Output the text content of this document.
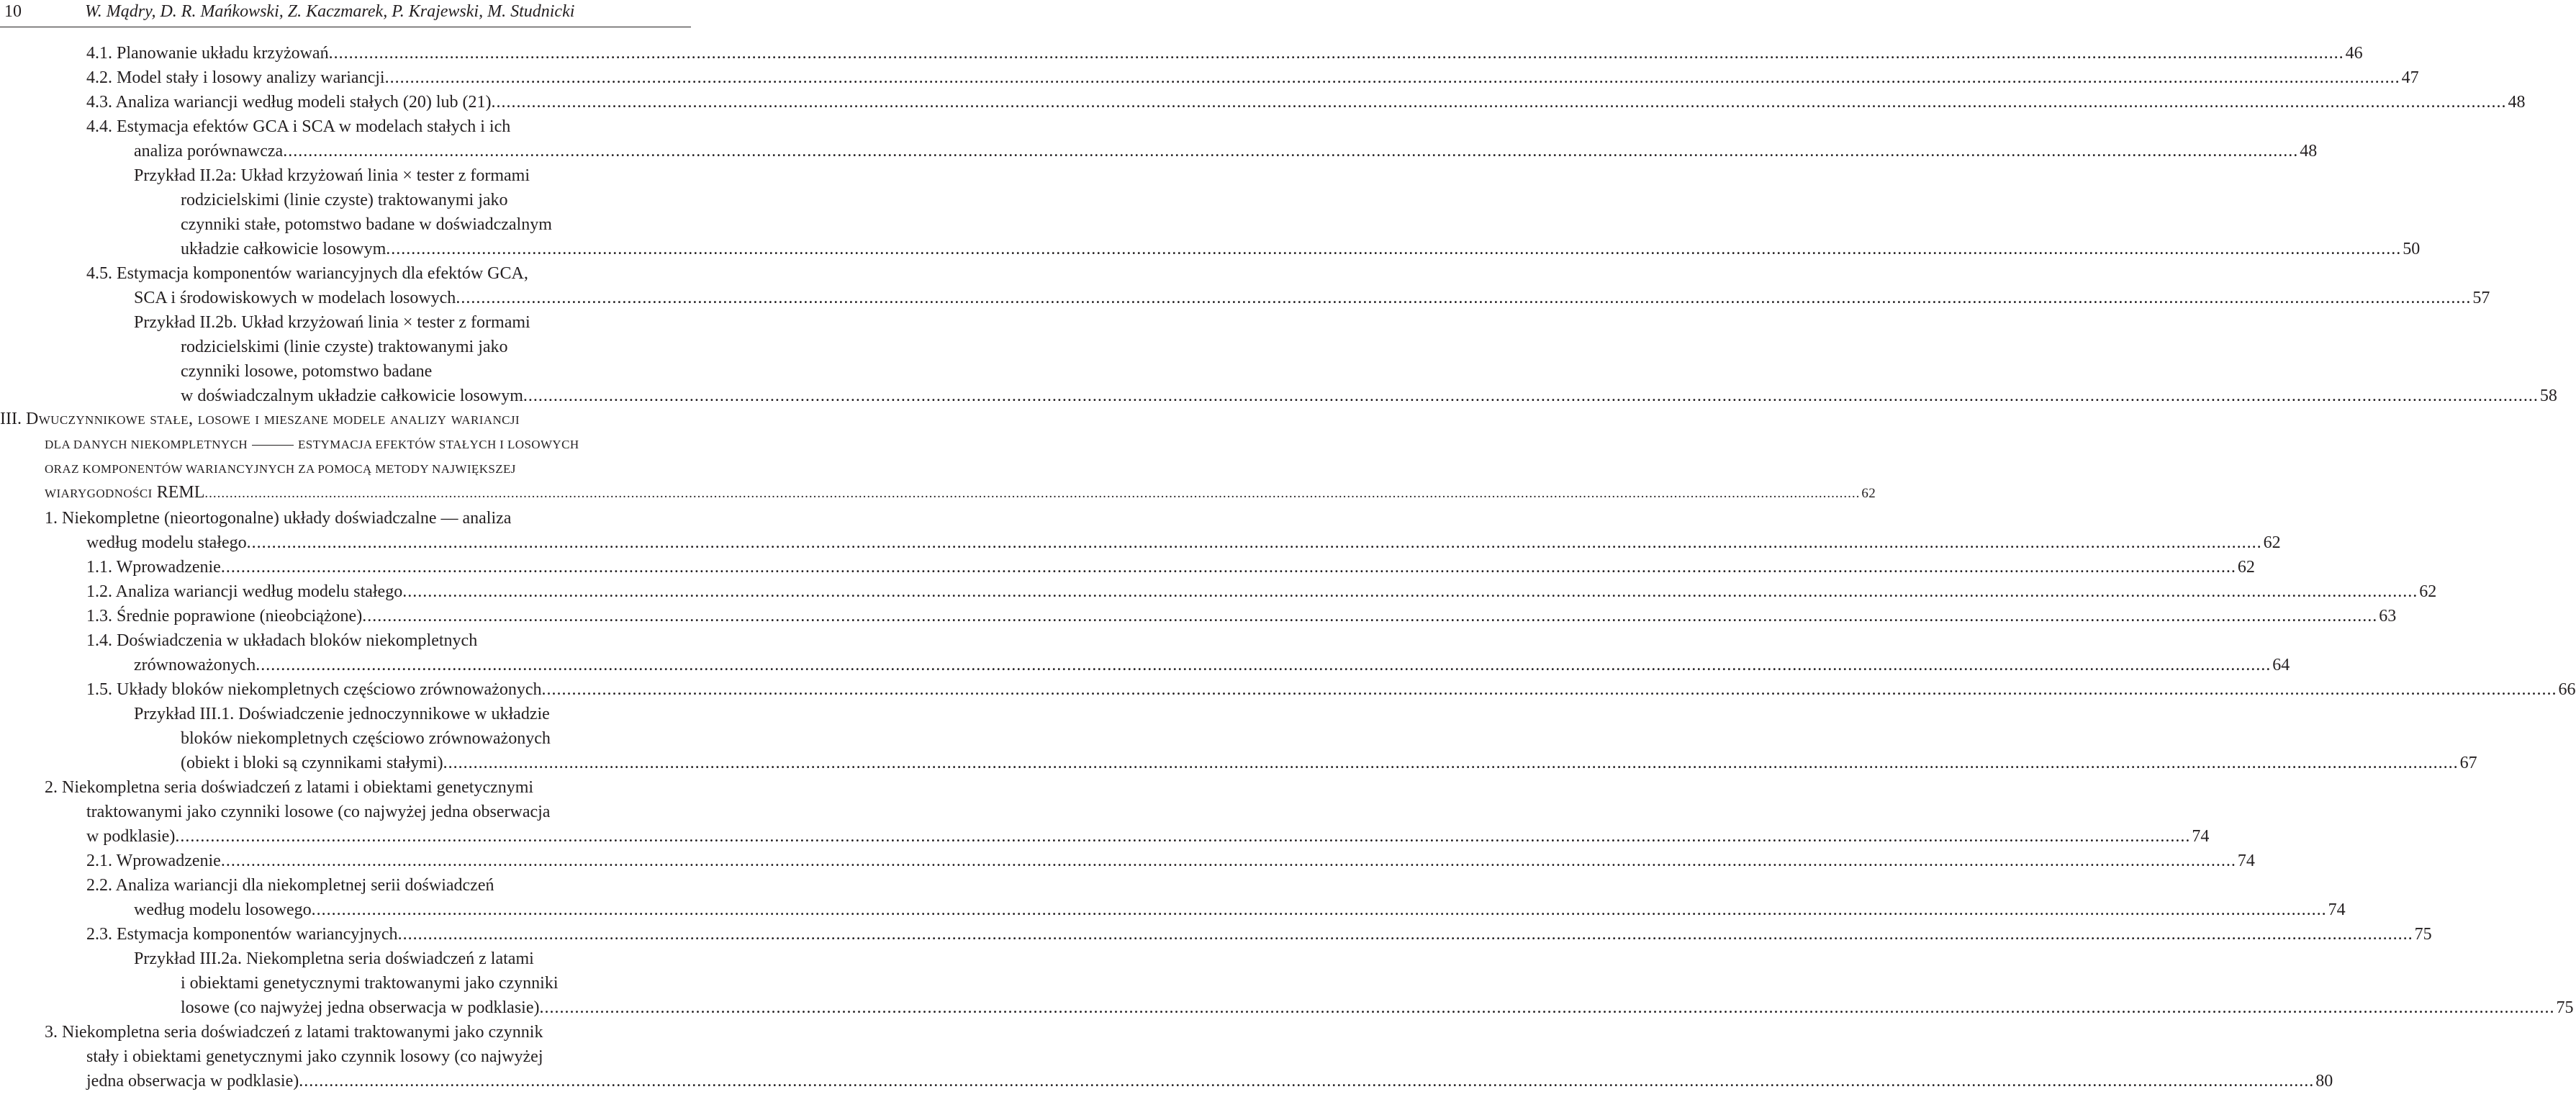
10	W. Mądry, D. R. Mańkowski, Z. Kaczmarek, P. Krajewski, M. Studnicki
4.1. Planowanie układu krzyżowań ................................................................................................................................................................................................................................................................................................................................................................................................................ 46
4.2. Model stały i losowy analizy wariancji ................................................................................................................................................................................................................................................................................................................................................................................................................ 47
4.3. Analiza wariancji według modeli stałych (20) lub (21) ................................................................................................................................................................................................................................................................................................................................................................................................................ 48
4.4. Estymacja efektów GCA i SCA w modelach stałych i ich
analiza porównawcza ................................................................................................................................................................................................................................................................................................................................................................................................................ 48
Przykład II.2a: Układ krzyżowań linia × tester z formami
rodzicielskimi (linie czyste) traktowanymi jako
czynniki stałe, potomstwo badane w doświadczalnym
układzie całkowicie losowym ................................................................................................................................................................................................................................................................................................................................................................................................................ 50
4.5. Estymacja komponentów wariancyjnych dla efektów GCA,
SCA i środowiskowych w modelach losowych ................................................................................................................................................................................................................................................................................................................................................................................................................ 57
Przykład II.2b. Układ krzyżowań linia × tester z formami
rodzicielskimi (linie czyste) traktowanymi jako
czynniki losowe, potomstwo badane
w doświadczalnym układzie całkowicie losowym ................................................................................................................................................................................................................................................................................................................................................................................................................ 58
III. Dwuczynnikowe stałe, losowe i mieszane modele analizy wariancji
DLA DANYCH NIEKOMPLETNYCH	ESTYMACJA EFEKTÓW STAŁYCH I LOSOWYCH
ORAZ KOMPONENTÓW WARIANCYJNYCH ZA POMOCĄ METODY NAJWIĘKSZEJ
WIARYGODNOŚCI REML ................................................................................................................................................................................................................................................................................................................................................................................................................ 62
1. Niekompletne (nieortogonalne) układy doświadczalne — analiza
według modelu stałego ................................................................................................................................................................................................................................................................................................................................................................................................................ 62
1.1. Wprowadzenie ................................................................................................................................................................................................................................................................................................................................................................................................................ 62
1.2. Analiza wariancji według modelu stałego ................................................................................................................................................................................................................................................................................................................................................................................................................ 62
1.3. Średnie poprawione (nieobciążone) ................................................................................................................................................................................................................................................................................................................................................................................................................ 63
1.4. Doświadczenia w układach bloków niekompletnych
zrównoważonych ................................................................................................................................................................................................................................................................................................................................................................................................................ 64
1.5. Układy bloków niekompletnych częściowo zrównoważonych ................................................................................................................................................................................................................................................................................................................................................................................................................ 66
Przykład III.1. Doświadczenie jednoczynnikowe w układzie
bloków niekompletnych częściowo zrównoważonych
(obiekt i bloki są czynnikami stałymi) ................................................................................................................................................................................................................................................................................................................................................................................................................ 67
2. Niekompletna seria doświadczeń z latami i obiektami genetycznymi
traktowanymi jako czynniki losowe (co najwyżej jedna obserwacja
w podklasie) ................................................................................................................................................................................................................................................................................................................................................................................................................ 74
2.1. Wprowadzenie ................................................................................................................................................................................................................................................................................................................................................................................................................ 74
2.2. Analiza wariancji dla niekompletnej serii doświadczeń
według modelu losowego ................................................................................................................................................................................................................................................................................................................................................................................................................ 74
2.3. Estymacja komponentów wariancyjnych ................................................................................................................................................................................................................................................................................................................................................................................................................ 75
Przykład III.2a. Niekompletna seria doświadczeń z latami
i obiektami genetycznymi traktowanymi jako czynniki
losowe (co najwyżej jedna obserwacja w podklasie) ................................................................................................................................................................................................................................................................................................................................................................................................................ 75
3. Niekompletna seria doświadczeń z latami traktowanymi jako czynnik
stały i obiektami genetycznymi jako czynnik losowy (co najwyżej
jedna obserwacja w podklasie) ................................................................................................................................................................................................................................................................................................................................................................................................................ 80
